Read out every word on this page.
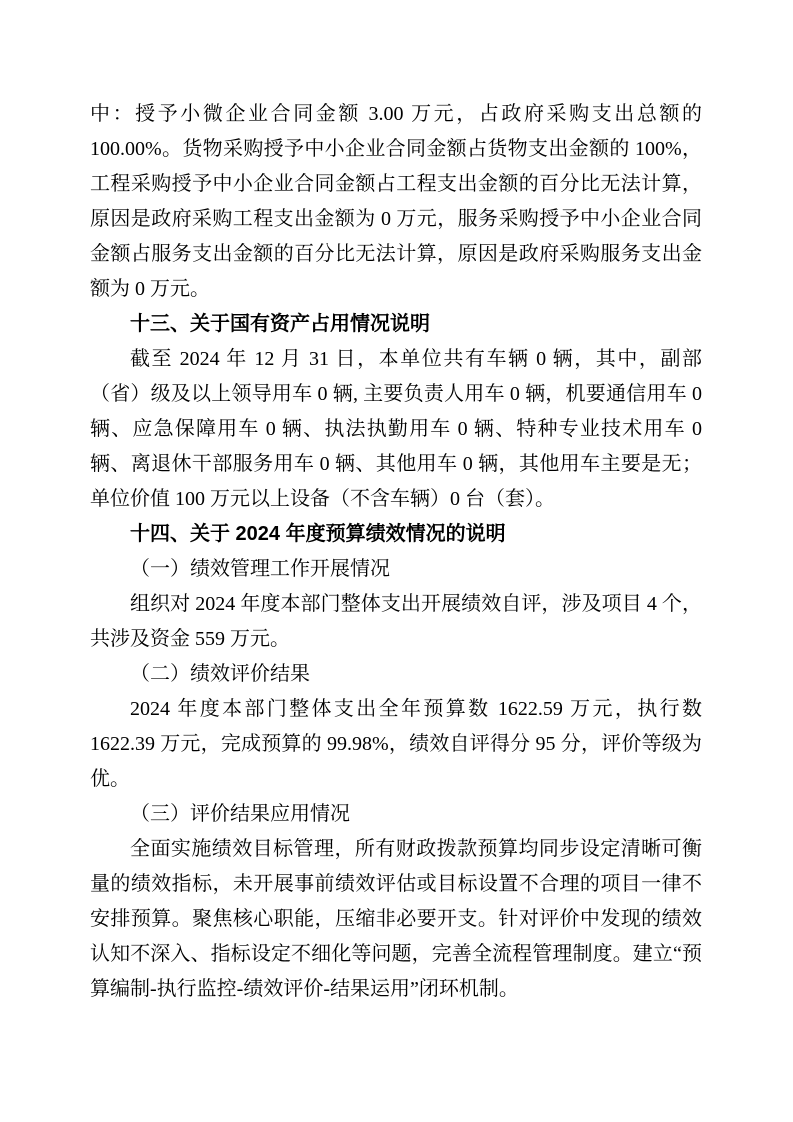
中：授予小微企业合同金额 3.00 万元，占政府采购支出总额的 100.00%。货物采购授予中小企业合同金额占货物支出金额的 100%，工程采购授予中小企业合同金额占工程支出金额的百分比无法计算，原因是政府采购工程支出金额为 0 万元，服务采购授予中小企业合同金额占服务支出金额的百分比无法计算，原因是政府采购服务支出金额为 0 万元。

十三、关于国有资产占用情况说明

截至 2024 年 12 月 31 日，本单位共有车辆 0 辆，其中，副部（省）级及以上领导用车 0 辆, 主要负责人用车 0 辆，机要通信用车 0 辆、应急保障用车 0 辆、执法执勤用车 0 辆、特种专业技术用车 0 辆、离退休干部服务用车 0 辆、其他用车 0 辆，其他用车主要是无；单位价值 100 万元以上设备（不含车辆）0 台（套）。

十四、关于 2024 年度预算绩效情况的说明
（一）绩效管理工作开展情况

组织对 2024 年度本部门整体支出开展绩效自评，涉及项目 4 个，共涉及资金 559 万元。

（二）绩效评价结果

2024 年度本部门整体支出全年预算数 1622.59 万元，执行数 1622.39 万元，完成预算的 99.98%，绩效自评得分 95 分，评价等级为优。

（三）评价结果应用情况

全面实施绩效目标管理，所有财政拨款预算均同步设定清晰可衡量的绩效指标，未开展事前绩效评估或目标设置不合理的项目一律不安排预算。聚焦核心职能，压缩非必要开支。针对评价中发现的绩效认知不深入、指标设定不细化等问题，完善全流程管理制度。建立“预算编制-执行监控-绩效评价-结果运用”闭环机制。
